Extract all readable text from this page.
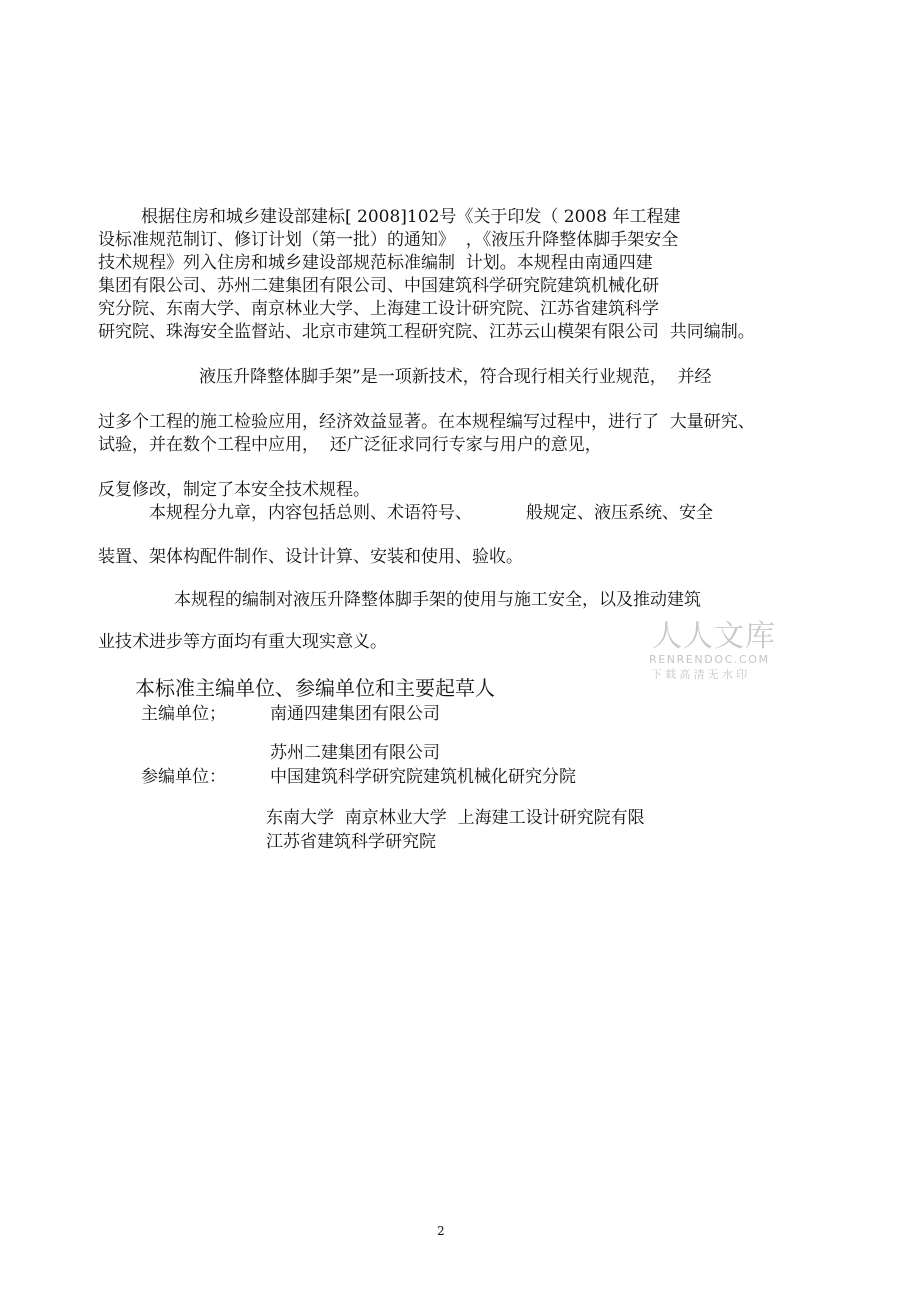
根据住房和城乡建设部建标[ 2008]102号《关于印发（ 2008 年工程建

设标准规范制订、修订计划（第一批）的通知》  ，《液压升降整体脚手架安全

技术规程》列入住房和城乡建设部规范标准编制  计划。本规程由南通四建

集团有限公司、苏州二建集团有限公司、中国建筑科学研究院建筑机械化研

究分院、东南大学、南京林业大学、上海建工设计研究院、江苏省建筑科学

研究院、珠海安全监督站、北京市建筑工程研究院、江苏云山模架有限公司  共同编制。

液压升降整体脚手架”是一项新技术，符合现行相关行业规范，  并经

过多个工程的施工检验应用，经济效益显著。在本规程编写过程中，进行了  大量研究、

试验，并在数个工程中应用，  还广泛征求同行专家与用户的意见，

反复修改，制定了本安全技术规程。

本规程分九章，内容包括总则、术语符号、          般规定、液压系统、安全

装置、架体构配件制作、设计计算、安装和使用、验收。

本规程的编制对液压升降整体脚手架的使用与施工安全，以及推动建筑

业技术进步等方面均有重大现实意义。	人人文库
RENRENDOC.COM
下载高清无水印
本标准主编单位、参编单位和主要起草人

主编单位；	南通四建集团有限公司

苏州二建集团有限公司

参编单位：	中国建筑科学研究院建筑机械化研究分院

东南大学  南京林业大学  上海建工设计研究院有限

江苏省建筑科学研究院

2
